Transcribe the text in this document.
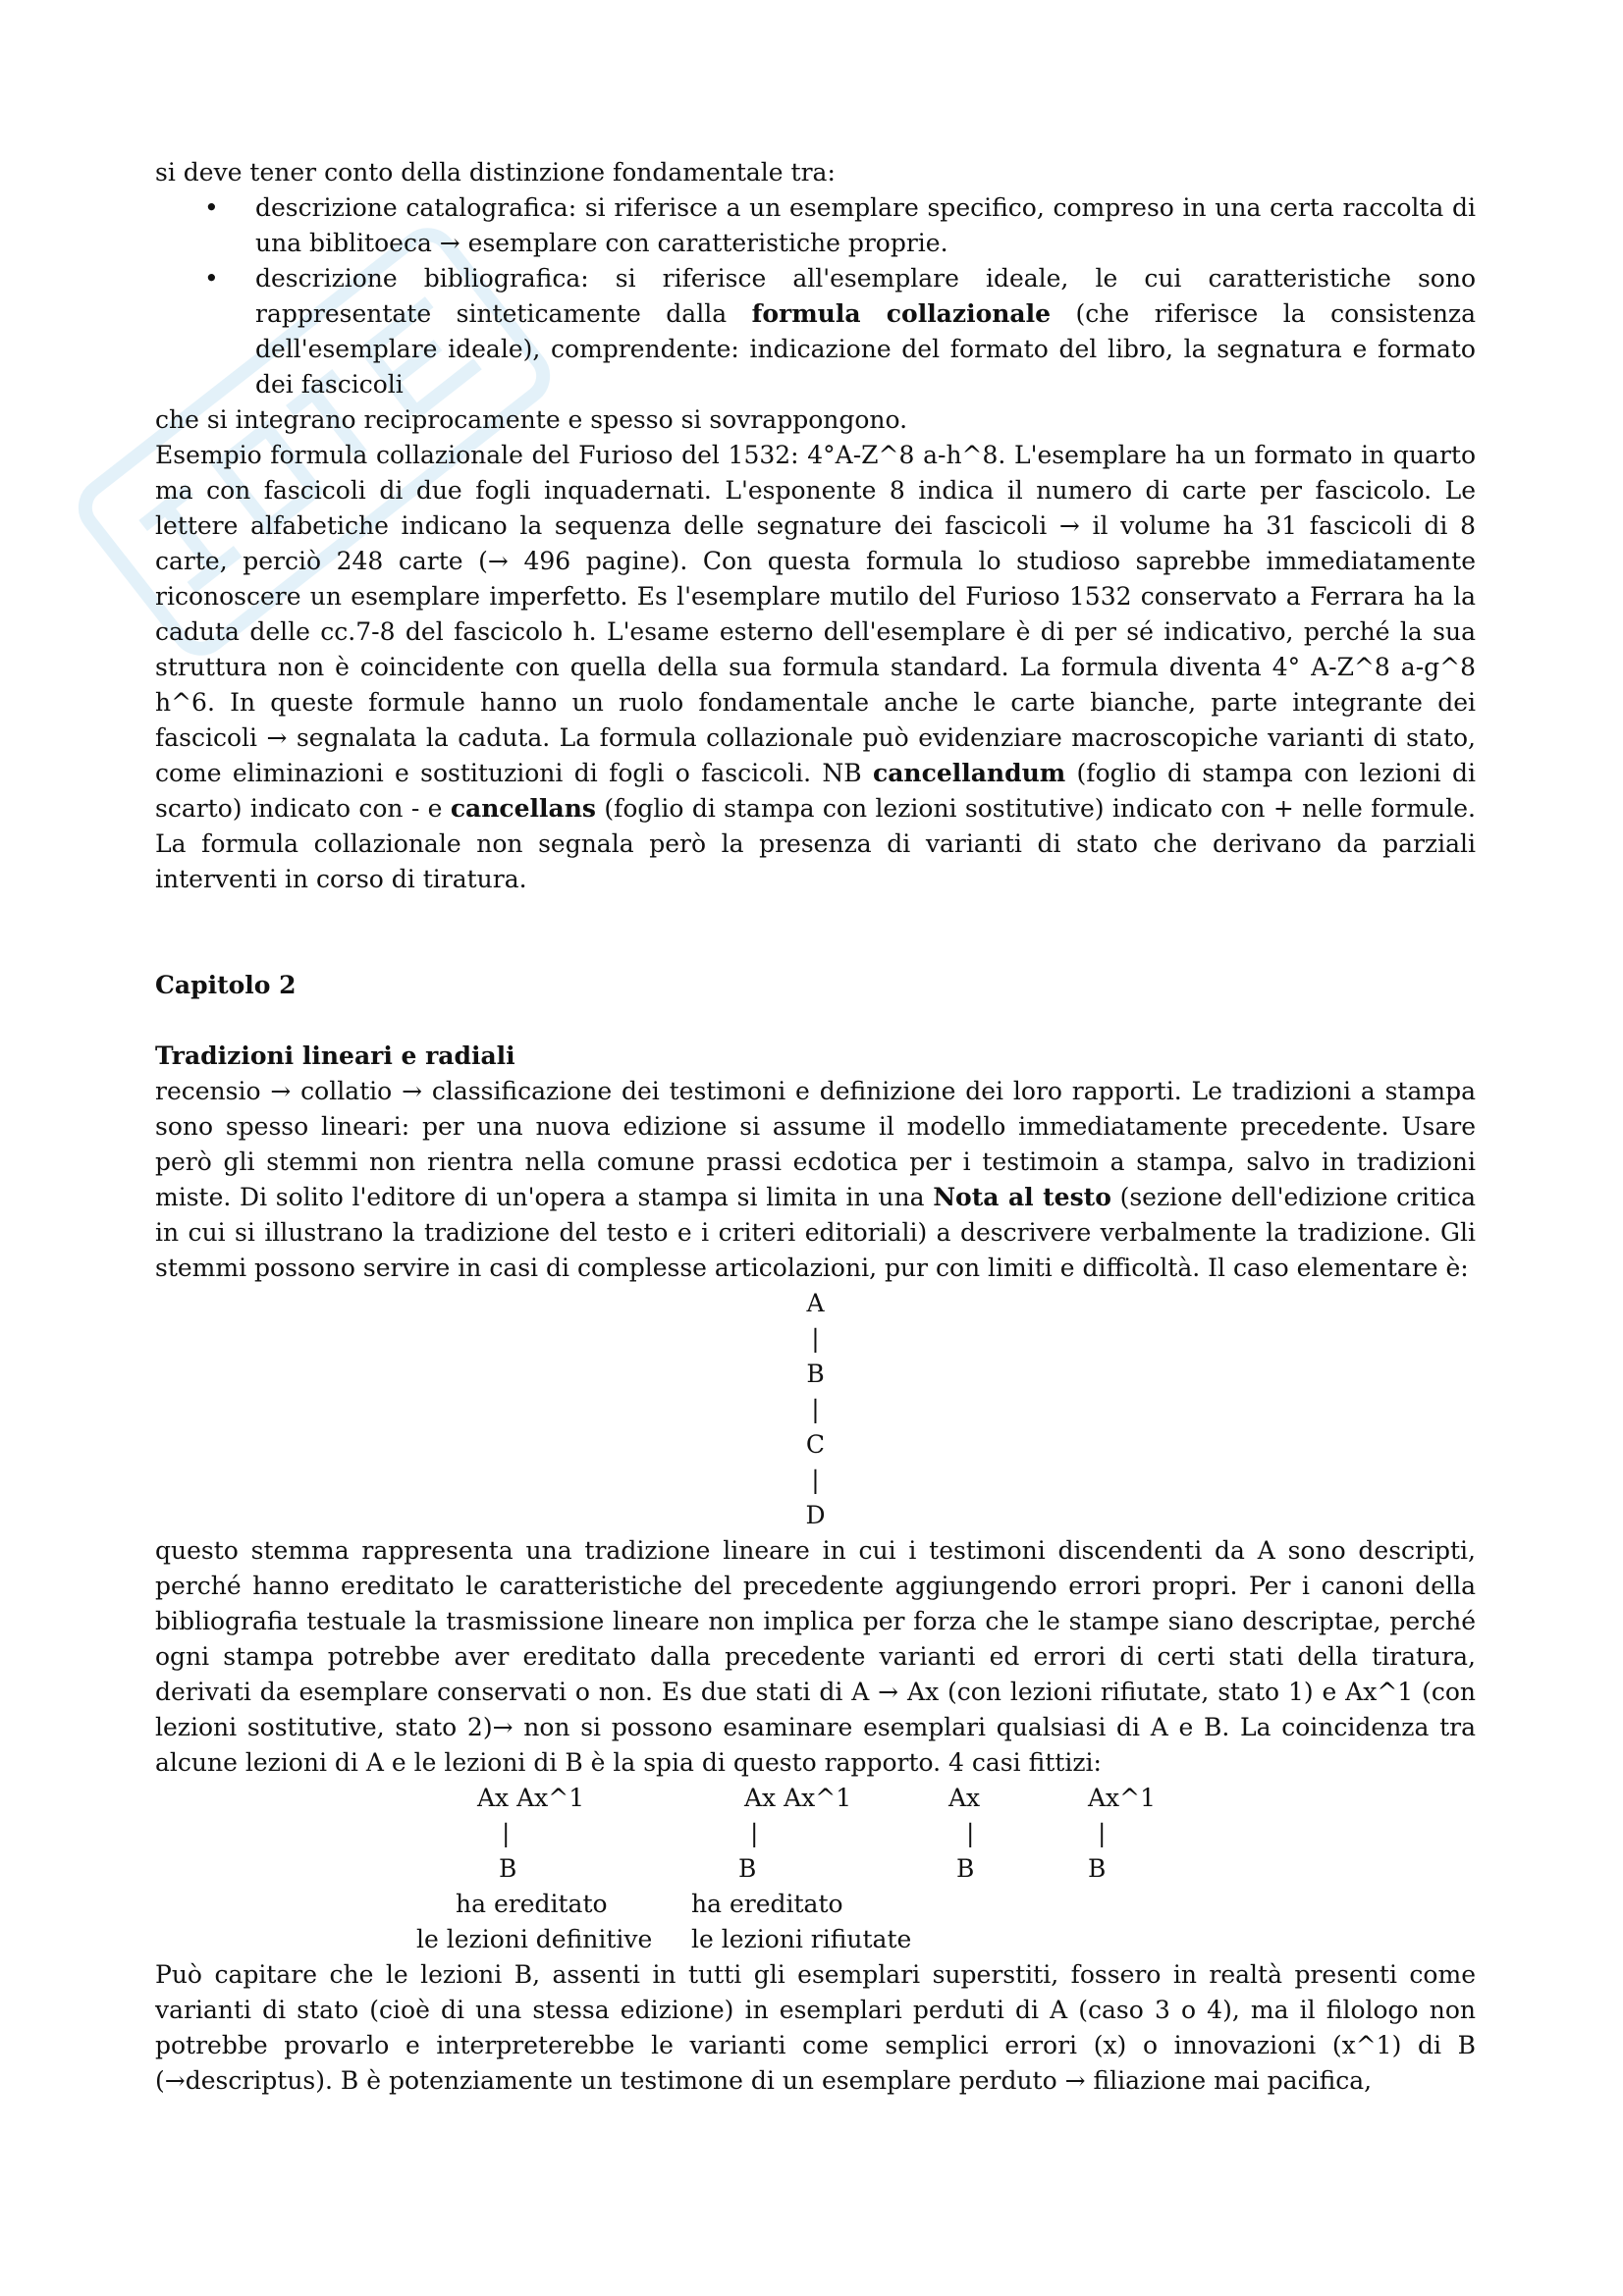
si deve tener conto della distinzione fondamentale tra:

• descrizione catalografica: si riferisce a un esemplare specifico, compreso in una certa raccolta di una biblitoeca → esemplare con caratteristiche proprie.
• descrizione bibliografica: si riferisce all'esemplare ideale, le cui caratteristiche sono rappresentate sinteticamente dalla formula collazionale (che riferisce la consistenza dell'esemplare ideale), comprendente: indicazione del formato del libro, la segnatura e formato dei fascicoli

che si integrano reciprocamente e spesso si sovrappongono.

Esempio formula collazionale del Furioso del 1532: 4°A-Z^8 a-h^8. L'esemplare ha un formato in quarto ma con fascicoli di due fogli inquadernati. L'esponente 8 indica il numero di carte per fascicolo. Le lettere alfabetiche indicano la sequenza delle segnature dei fascicoli → il volume ha 31 fascicoli di 8 carte, perciò 248 carte (→ 496 pagine). Con questa formula lo studioso saprebbe immediatamente riconoscere un esemplare imperfetto. Es l'esemplare mutilo del Furioso 1532 conservato a Ferrara ha la caduta delle cc.7-8 del fascicolo h. L'esame esterno dell'esemplare è di per sé indicativo, perché la sua struttura non è coincidente con quella della sua formula standard. La formula diventa 4° A-Z^8 a-g^8 h^6. In queste formule hanno un ruolo fondamentale anche le carte bianche, parte integrante dei fascicoli → segnalata la caduta. La formula collazionale può evidenziare macroscopiche varianti di stato, come eliminazioni e sostituzioni di fogli o fascicoli. NB cancellandum (foglio di stampa con lezioni di scarto) indicato con - e cancellans (foglio di stampa con lezioni sostitutive) indicato con + nelle formule. La formula collazionale non segnala però la presenza di varianti di stato che derivano da parziali interventi in corso di tiratura.

Capitolo 2

Tradizioni lineari e radiali

recensio → collatio → classificazione dei testimoni e definizione dei loro rapporti. Le tradizioni a stampa sono spesso lineari: per una nuova edizione si assume il modello immediatamente precedente. Usare però gli stemmi non rientra nella comune prassi ecdotica per i testimoin a stampa, salvo in tradizioni miste. Di solito l'editore di un'opera a stampa si limita in una Nota al testo (sezione dell'edizione critica in cui si illustrano la tradizione del testo e i criteri editoriali) a descrivere verbalmente la tradizione. Gli stemmi possono servire in casi di complesse articolazioni, pur con limiti e difficoltà. Il caso elementare è:

A
|
B
|
C
|
D

questo stemma rappresenta una tradizione lineare in cui i testimoni discendenti da A sono descripti, perché hanno ereditato le caratteristiche del precedente aggiungendo errori propri. Per i canoni della bibliografia testuale la trasmissione lineare non implica per forza che le stampe siano descriptae, perché ogni stampa potrebbe aver ereditato dalla precedente varianti ed errori di certi stati della tiratura, derivati da esemplare conservati o non. Es due stati di A → Ax (con lezioni rifiutate, stato 1) e Ax^1 (con lezioni sostitutive, stato 2)→ non si possono esaminare esemplari qualsiasi di A e B. La coincidenza tra alcune lezioni di A e le lezioni di B è la spia di questo rapporto. 4 casi fittizi:

Ax Ax^1
|
B
ha ereditato
le lezioni definitive
Ax Ax^1
|
B
ha ereditato
le lezioni rifiutate
Ax
|
B
Ax^1
|
B

Può capitare che le lezioni B, assenti in tutti gli esemplari superstiti, fossero in realtà presenti come varianti di stato (cioè di una stessa edizione) in esemplari perduti di A (caso 3 o 4), ma il filologo non potrebbe provarlo e interpreterebbe le varianti come semplici errori (x) o innovazioni (x^1) di B (→descriptus). B è potenziamente un testimone di un esemplare perduto → filiazione mai pacifica,
